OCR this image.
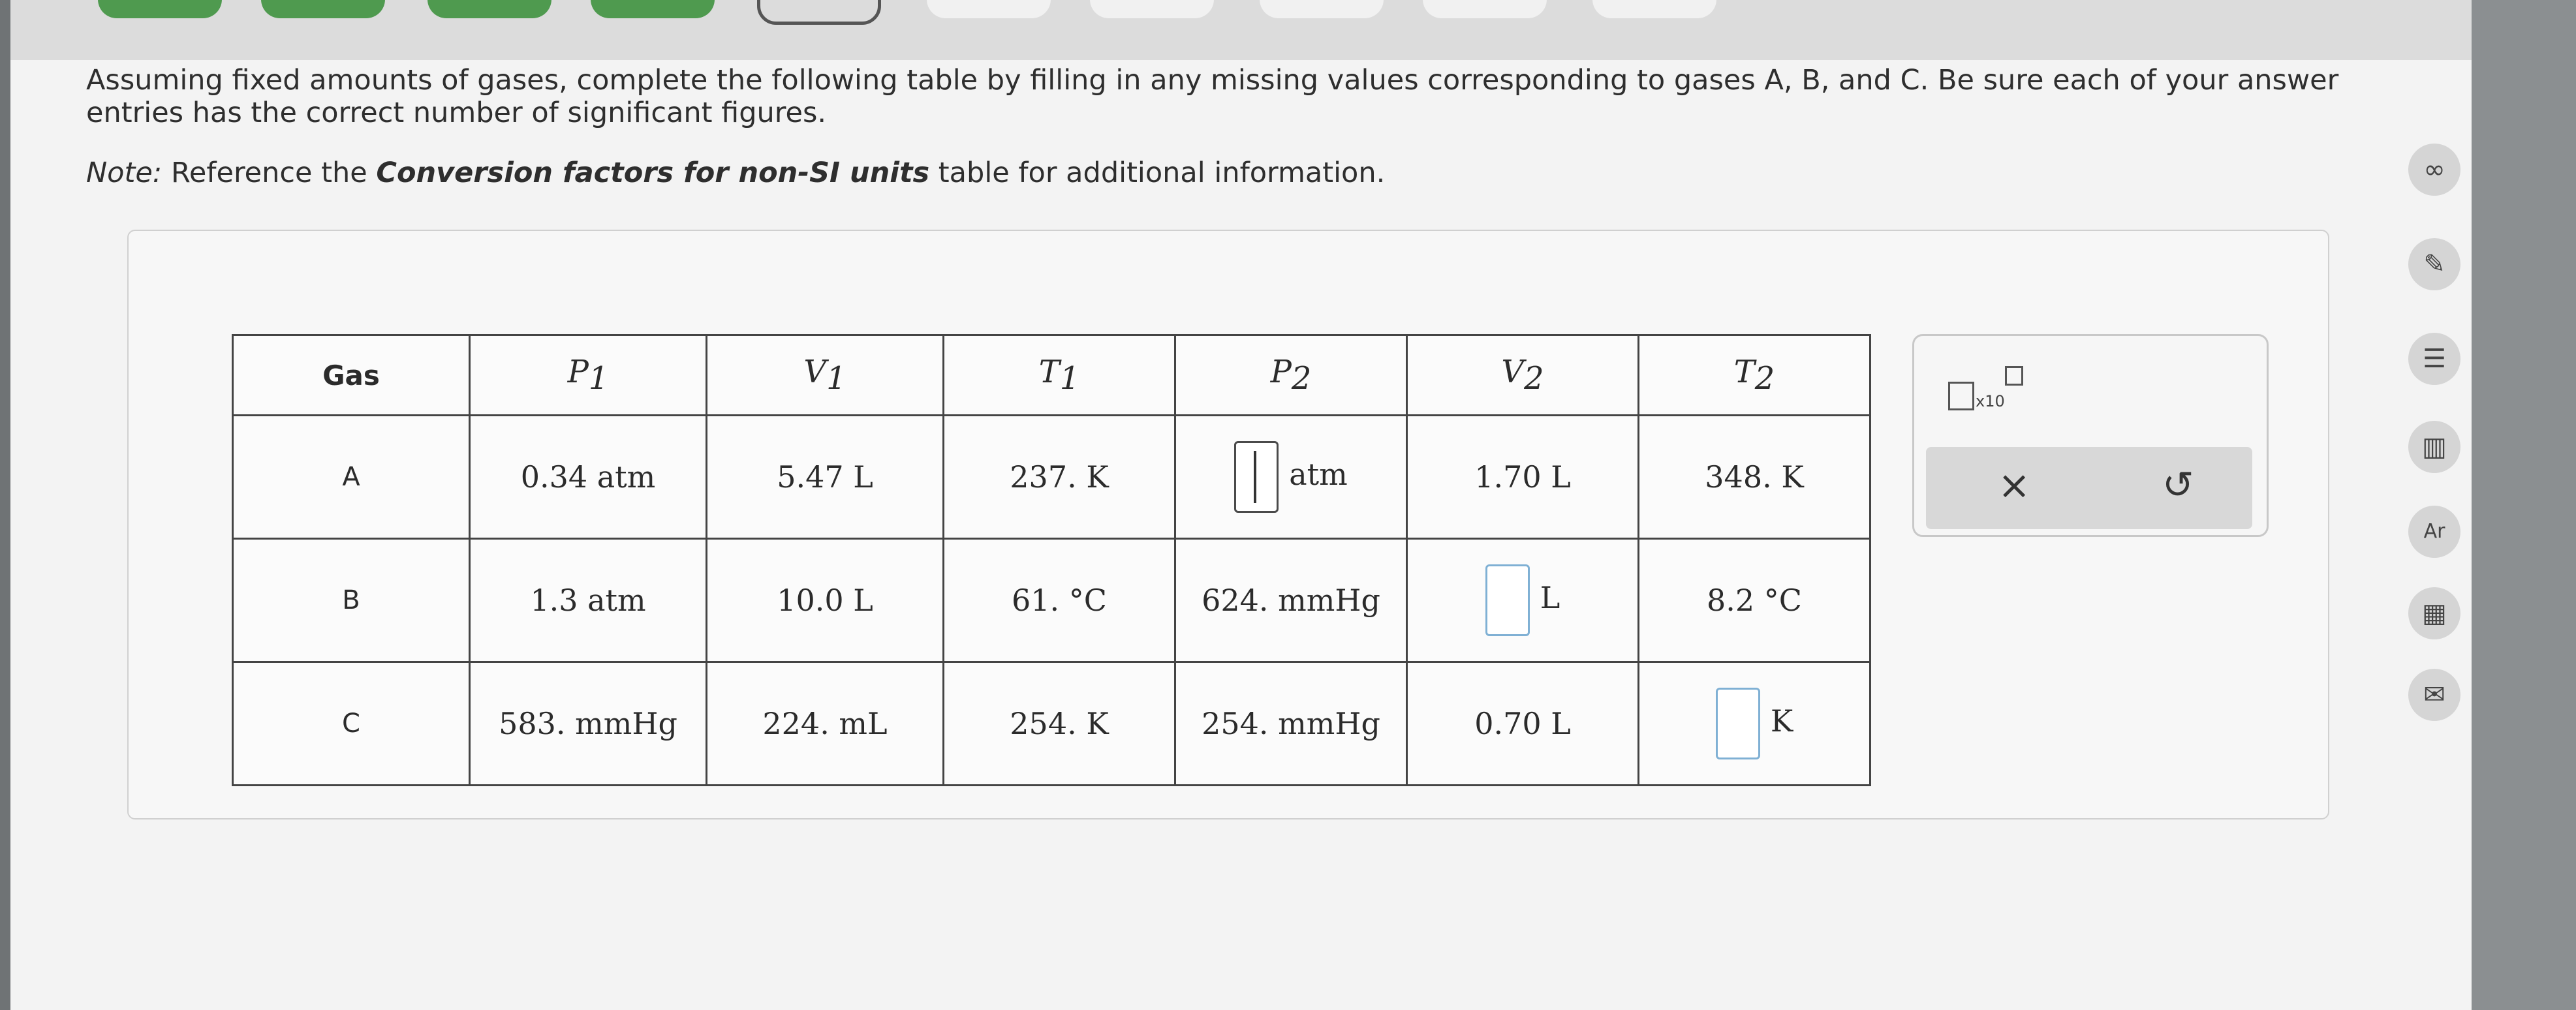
Assuming fixed amounts of gases, complete the following table by filling in any missing values corresponding to gases A, B, and C. Be sure each of your answer entries has the correct number of significant figures.
Note: Reference the Conversion factors for non-SI units table for additional information.
Gas	$P_1$	$V_1$	$T_1$	$P_2$	$V_2$	$T_2$
A	0.34 atm	5.47 L	237. K	atm	1.70 L	348. K
B	1.3 atm	10.0 L	61. °C	624. mmHg	L	8.2 °C
C	583. mmHg	224. mL	254. K	254. mmHg	0.70 L	K
x10
×	↺
∞
✎
☰
▥
Ar
▦
✉
